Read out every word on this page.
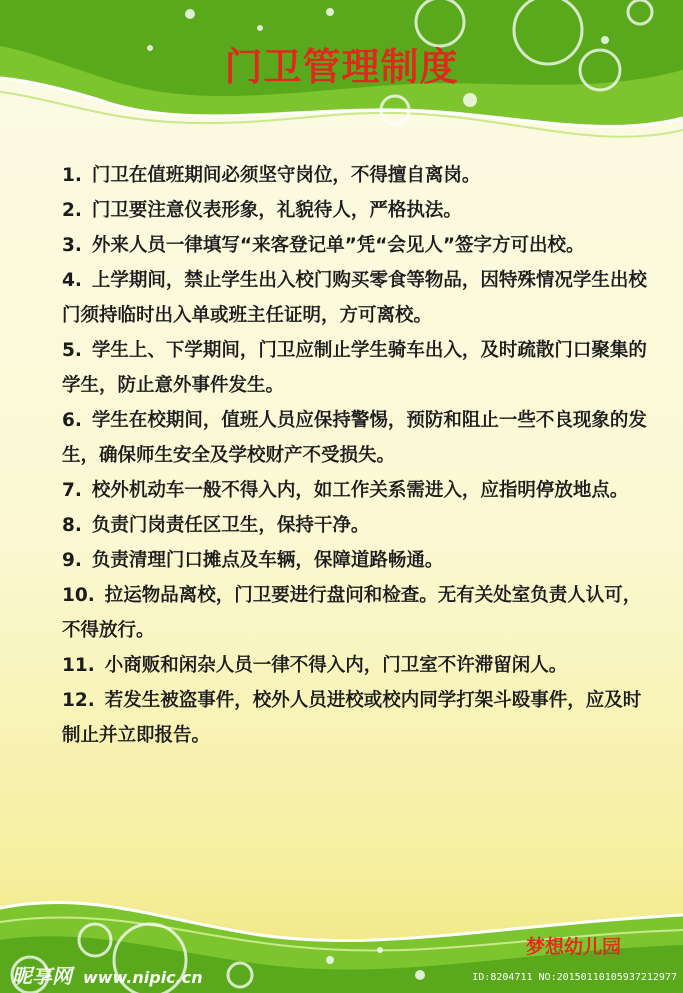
门卫管理制度
1. 门卫在值班期间必须坚守岗位，不得擅自离岗。
2. 门卫要注意仪表形象，礼貌待人，严格执法。
3. 外来人员一律填写“来客登记单”凭“会见人”签字方可出校。
4. 上学期间，禁止学生出入校门购买零食等物品，因特殊情况学生出校门须持临时出入单或班主任证明，方可离校。
5. 学生上、下学期间，门卫应制止学生骑车出入，及时疏散门口聚集的学生，防止意外事件发生。
6. 学生在校期间，值班人员应保持警惕，预防和阻止一些不良现象的发生，确保师生安全及学校财产不受损失。
7. 校外机动车一般不得入内，如工作关系需进入，应指明停放地点。
8. 负责门岗责任区卫生，保持干净。
9. 负责清理门口摊点及车辆，保障道路畅通。
10. 拉运物品离校，门卫要进行盘问和检查。无有关处室负责人认可，不得放行。
11. 小商贩和闲杂人员一律不得入内，门卫室不许滞留闲人。
12. 若发生被盗事件，校外人员进校或校内同学打架斗殴事件，应及时制止并立即报告。
梦想幼儿园
昵享网 www.nipic.cn	ID:8204711 NO:20150110105937212977
